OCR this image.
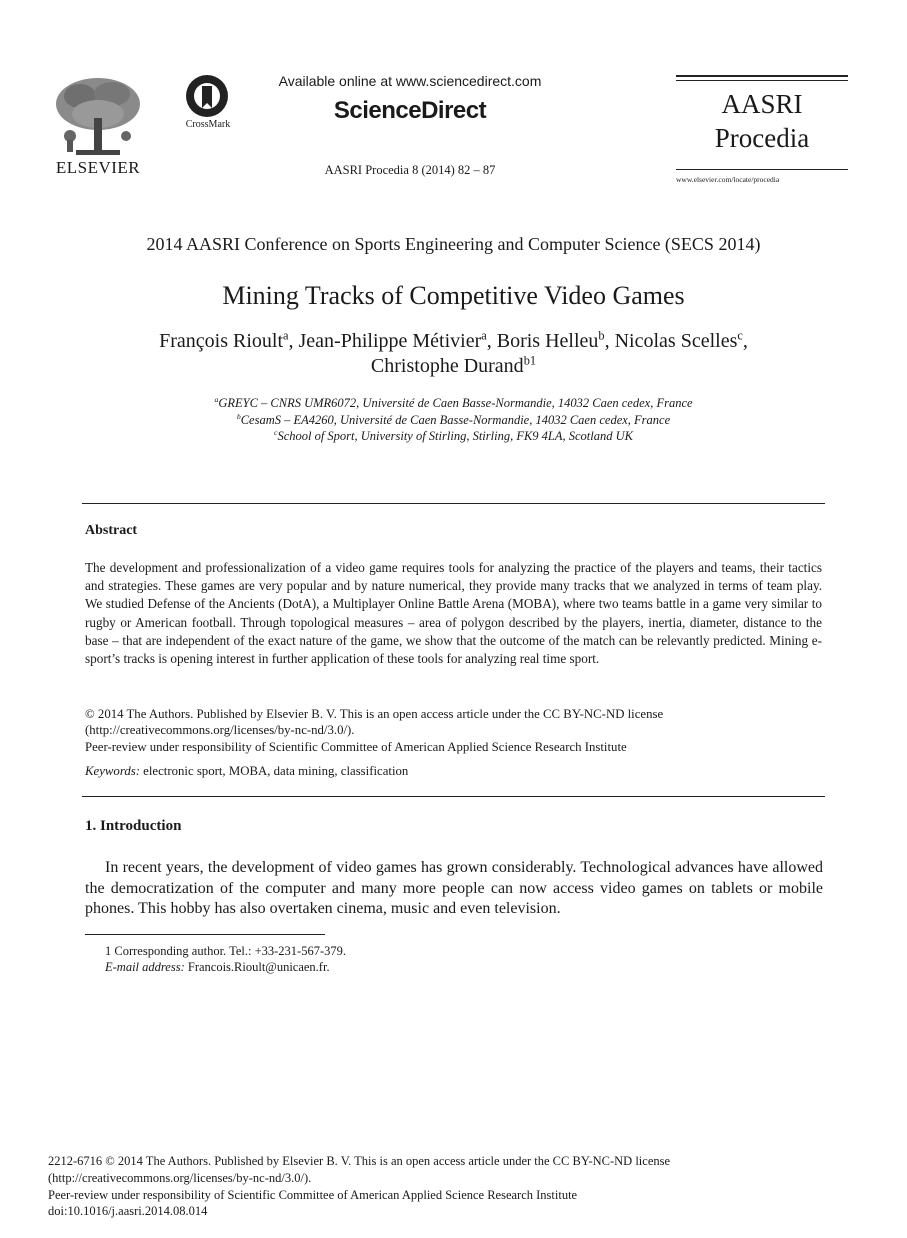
ELSEVIER
CrossMark
Available online at www.sciencedirect.com
ScienceDirect
AASRI Procedia 8 (2014) 82 – 87
AASRI
Procedia
www.elsevier.com/locate/procedia
2014 AASRI Conference on Sports Engineering and Computer Science (SECS 2014)
Mining Tracks of Competitive Video Games
François Rioult$^a$, Jean-Philippe Métivier$^a$, Boris Helleu$^b$, Nicolas Scelles$^c$,
Christophe Durand$^{b1}$
$^a$GREYC – CNRS UMR6072, Université de Caen Basse-Normandie, 14032 Caen cedex, France
$^b$CesamS – EA4260, Université de Caen Basse-Normandie, 14032 Caen cedex, France
$^c$School of Sport, University of Stirling, Stirling, FK9 4LA, Scotland UK
Abstract
The development and professionalization of a video game requires tools for analyzing the practice of the players and teams, their tactics and strategies. These games are very popular and by nature numerical, they provide many tracks that we analyzed in terms of team play. We studied Defense of the Ancients (DotA), a Multiplayer Online Battle Arena (MOBA), where two teams battle in a game very similar to rugby or American football. Through topological measures – area of polygon described by the players, inertia, diameter, distance to the base – that are independent of the exact nature of the game, we show that the outcome of the match can be relevantly predicted. Mining e-sport’s tracks is opening interest in further application of these tools for analyzing real time sport.
© 2014 The Authors. Published by Elsevier B. V. This is an open access article under the CC BY-NC-ND license
(http://creativecommons.org/licenses/by-nc-nd/3.0/).
Peer-review under responsibility of Scientific Committee of American Applied Science Research Institute
Keywords: electronic sport, MOBA, data mining, classification
1. Introduction
In recent years, the development of video games has grown considerably. Technological advances have allowed the democratization of the computer and many more people can now access video games on tablets or mobile phones. This hobby has also overtaken cinema, music and even television.
1 Corresponding author. Tel.: +33-231-567-379.
E-mail address: Francois.Rioult@unicaen.fr.
2212-6716 © 2014 The Authors. Published by Elsevier B. V. This is an open access article under the CC BY-NC-ND license
(http://creativecommons.org/licenses/by-nc-nd/3.0/).
Peer-review under responsibility of Scientific Committee of American Applied Science Research Institute
doi:10.1016/j.aasri.2014.08.014
